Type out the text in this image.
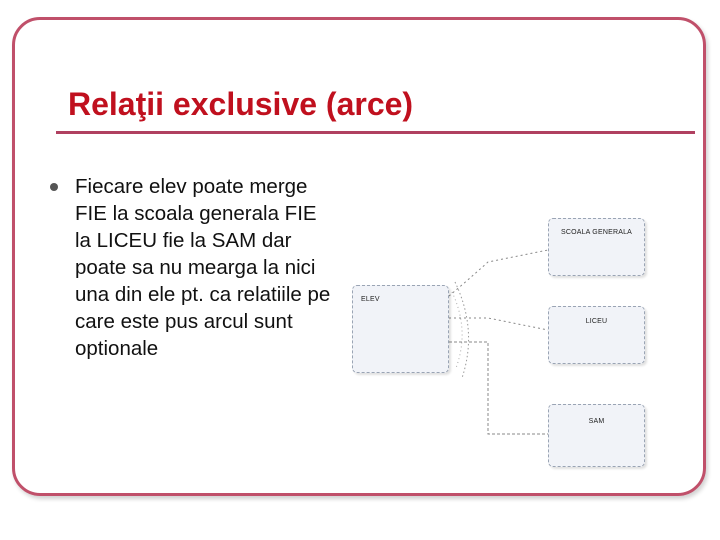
Relaţii exclusive (arce)
Fiecare elev poate merge FIE la scoala generala FIE la LICEU fie la SAM dar poate sa nu mearga la nici una din ele pt. ca relatiile pe care este pus arcul sunt optionale
ELEV
SCOALA GENERALA
LICEU
SAM
